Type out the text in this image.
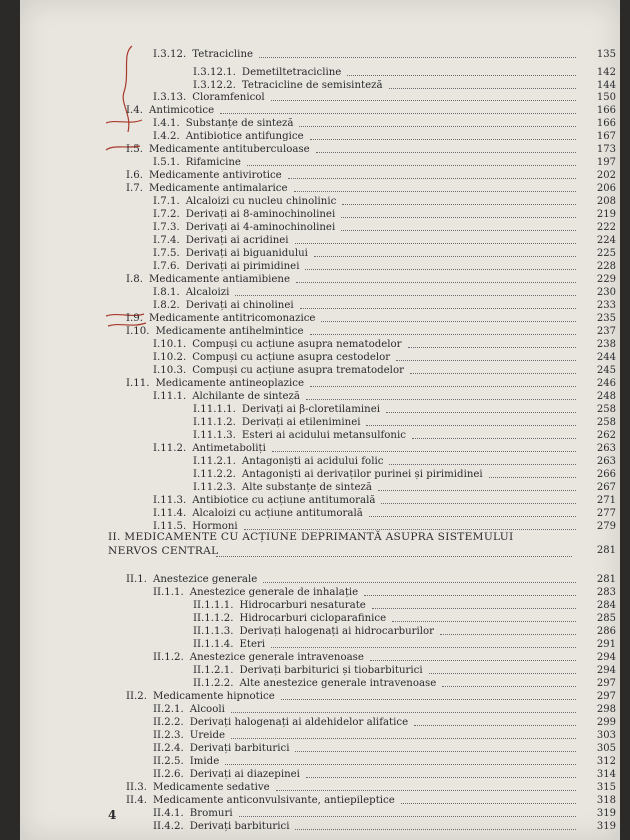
II. MEDICAMENTE CU ACȚIUNE DEPRIMANTĂ ASUPRA SISTEMULUI
NERVOS CENTRAL	281
4
I.3.12. Tetracicline	135
I.3.12.1. Demetiltetraciclinе	142
I.3.12.2. Tetracicline de semisinteză	144
I.3.13. Cloramfenicol	150
I.4. Antimicotice	166
I.4.1. Substanțe de sinteză	166
I.4.2. Antibiotice antifungice	167
I.5. Medicamente antituberculoase	173
I.5.1. Rifamicine	197
I.6. Medicamente antivirotice	202
I.7. Medicamente antimalarice	206
I.7.1. Alcaloizi cu nucleu chinolinic	208
I.7.2. Derivați ai 8-aminochinolinei	219
I.7.3. Derivați ai 4-aminochinolinei	222
I.7.4. Derivați ai acridinei	224
I.7.5. Derivați ai biguanidului	225
I.7.6. Derivați ai pirimidinei	228
I.8. Medicamente antiamibiene	229
I.8.1. Alcaloizi	230
I.8.2. Derivați ai chinolinei	233
I.9. Medicamente antitricomonazice	235
I.10. Medicamente antihelmintice	237
I.10.1. Compuși cu acțiune asupra nematodelor	238
I.10.2. Compuși cu acțiune asupra cestodelor	244
I.10.3. Compuși cu acțiune asupra trematodelor	245
I.11. Medicamente antineoplazice	246
I.11.1. Alchilante de sinteză	248
I.11.1.1. Derivați ai β-cloretilaminei	258
I.11.1.2. Derivați ai etileniminei	258
I.11.1.3. Esteri ai acidului metansulfonic	262
I.11.2. Antimetaboliți	263
I.11.2.1. Antagoniști ai acidului folic	263
I.11.2.2. Antagoniști ai derivaților purinei și pirimidinei	266
I.11.2.3. Alte substanțe de sinteză	267
I.11.3. Antibiotice cu acțiune antitumorală	271
I.11.4. Alcaloizi cu acțiune antitumorală	277
I.11.5. Hormoni	279
II.1. Anestezice generale	281
II.1.1. Anestezice generale de inhalație	283
II.1.1.1. Hidrocarburi nesaturate	284
II.1.1.2. Hidrocarburi cicloparafinice	285
II.1.1.3. Derivați halogenați ai hidrocarburilor	286
II.1.1.4. Eteri	291
II.1.2. Anestezice generale intravenoase	294
II.1.2.1. Derivați barbiturici și tiobarbiturici	294
II.1.2.2. Alte anestezice generale intravenoase	297
II.2. Medicamente hipnotice	297
II.2.1. Alcooli	298
II.2.2. Derivați halogenați ai aldehidelor alifatice	299
II.2.3. Ureide	303
II.2.4. Derivați barbiturici	305
II.2.5. Imide	312
II.2.6. Derivați ai diazepinei	314
II.3. Medicamente sedative	315
II.4. Medicamente anticonvulsivante, antiepileptice	318
II.4.1. Bromuri	319
II.4.2. Derivați barbiturici	319
